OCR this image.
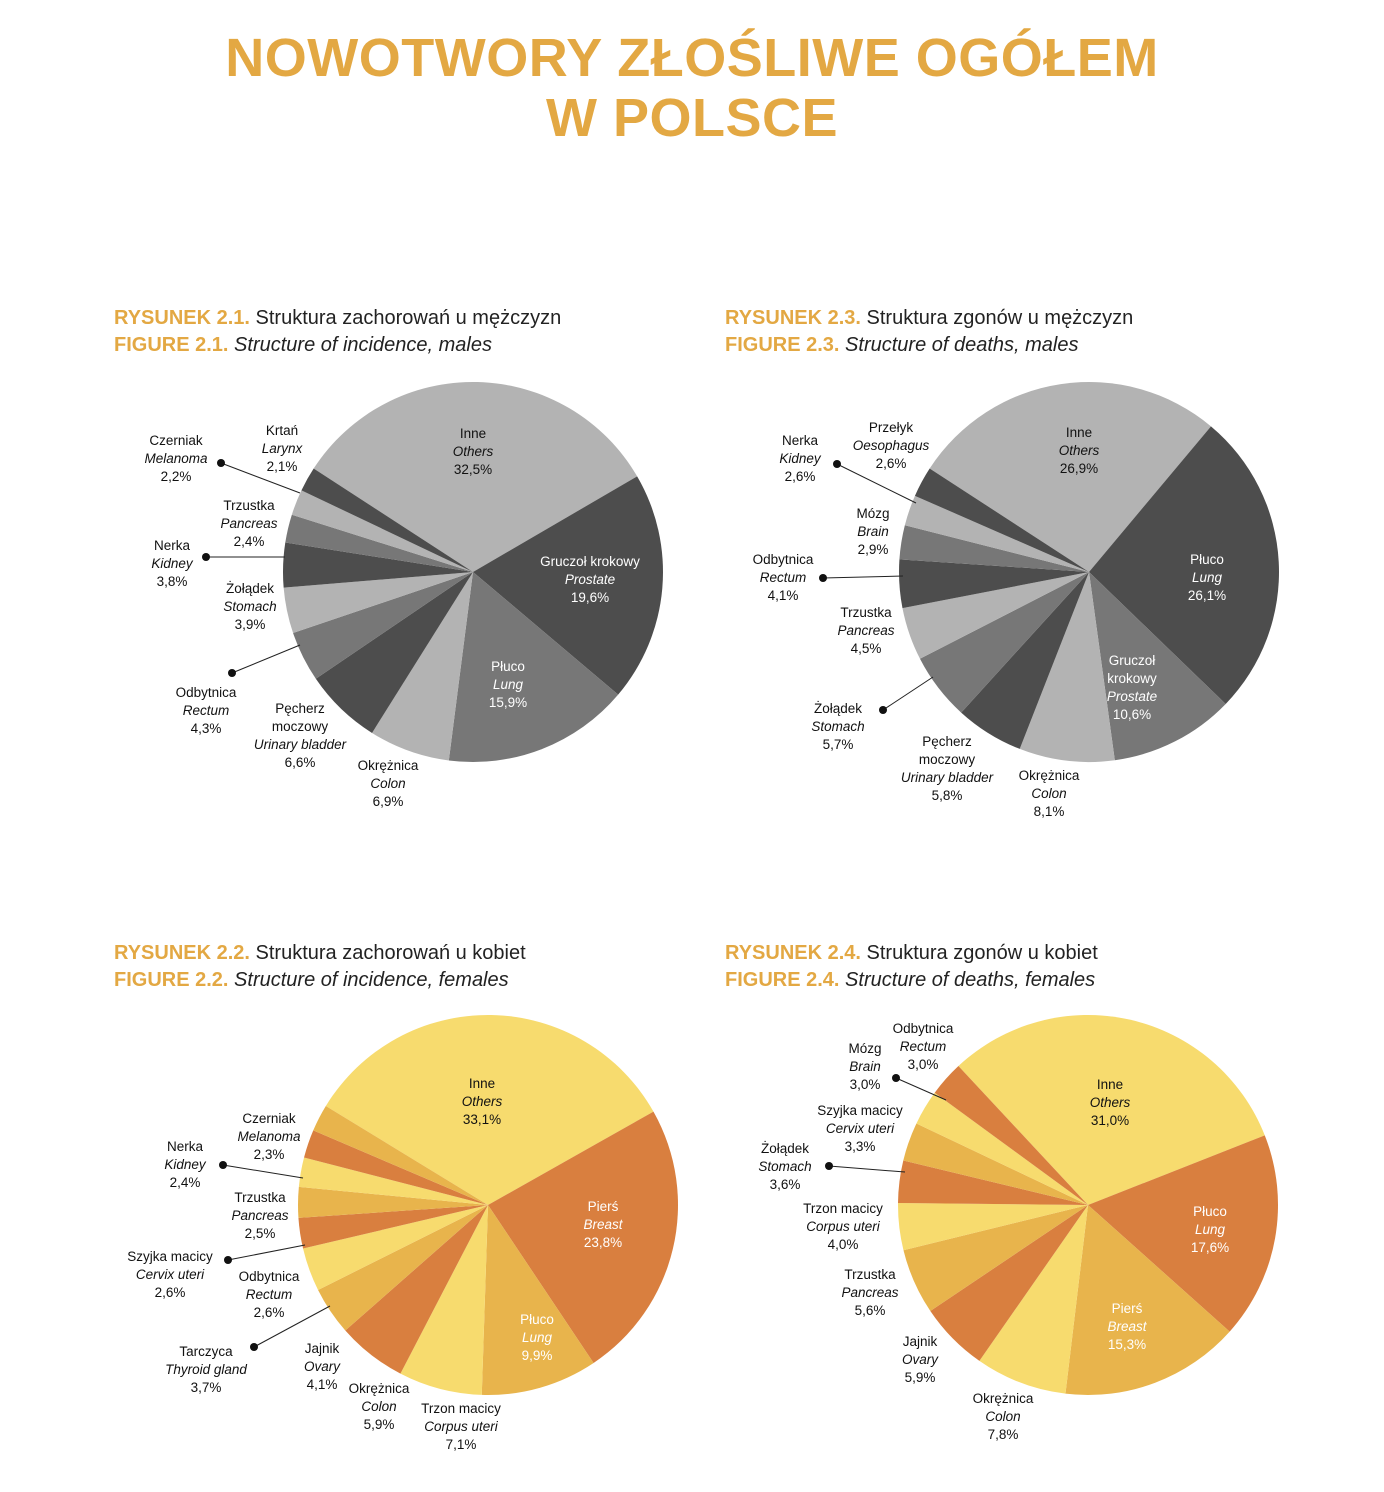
NOWOTWORY ZŁOŚLIWE OGÓŁEM
W POLSCE
RYSUNEK 2.1. Struktura zachorowań u mężczyzn
FIGURE 2.1. Structure of incidence, males
RYSUNEK 2.2. Struktura zachorowań u kobiet
FIGURE 2.2. Structure of incidence, females
RYSUNEK 2.3. Struktura zgonów u mężczyzn
FIGURE 2.3. Structure of deaths, males
RYSUNEK 2.4. Struktura zgonów u kobiet
FIGURE 2.4. Structure of deaths, females
Inne
Others
32,5%
Gruczoł krokowy
Prostate
19,6%
Płuco
Lung
15,9%
Okrężnica
Colon
6,9%
Pęcherz
moczowy
Urinary bladder
6,6%
Odbytnica
Rectum
4,3%
Żołądek
Stomach
3,9%
Nerka
Kidney
3,8%
Trzustka
Pancreas
2,4%
Czerniak
Melanoma
2,2%
Krtań
Larynx
2,1%
Inne
Others
33,1%
Pierś
Breast
23,8%
Płuco
Lung
9,9%
Trzon macicy
Corpus uteri
7,1%
Okrężnica
Colon
5,9%
Jajnik
Ovary
4,1%
Tarczyca
Thyroid gland
3,7%
Odbytnica
Rectum
2,6%
Szyjka macicy
Cervix uteri
2,6%
Trzustka
Pancreas
2,5%
Nerka
Kidney
2,4%
Czerniak
Melanoma
2,3%
Inne
Others
26,9%
Płuco
Lung
26,1%
Gruczoł
krokowy
Prostate
10,6%
Okrężnica
Colon
8,1%
Pęcherz
moczowy
Urinary bladder
5,8%
Żołądek
Stomach
5,7%
Trzustka
Pancreas
4,5%
Odbytnica
Rectum
4,1%
Mózg
Brain
2,9%
Nerka
Kidney
2,6%
Przełyk
Oesophagus
2,6%
Inne
Others
31,0%
Płuco
Lung
17,6%
Pierś
Breast
15,3%
Okrężnica
Colon
7,8%
Jajnik
Ovary
5,9%
Trzustka
Pancreas
5,6%
Trzon macicy
Corpus uteri
4,0%
Żołądek
Stomach
3,6%
Szyjka macicy
Cervix uteri
3,3%
Mózg
Brain
3,0%
Odbytnica
Rectum
3,0%
